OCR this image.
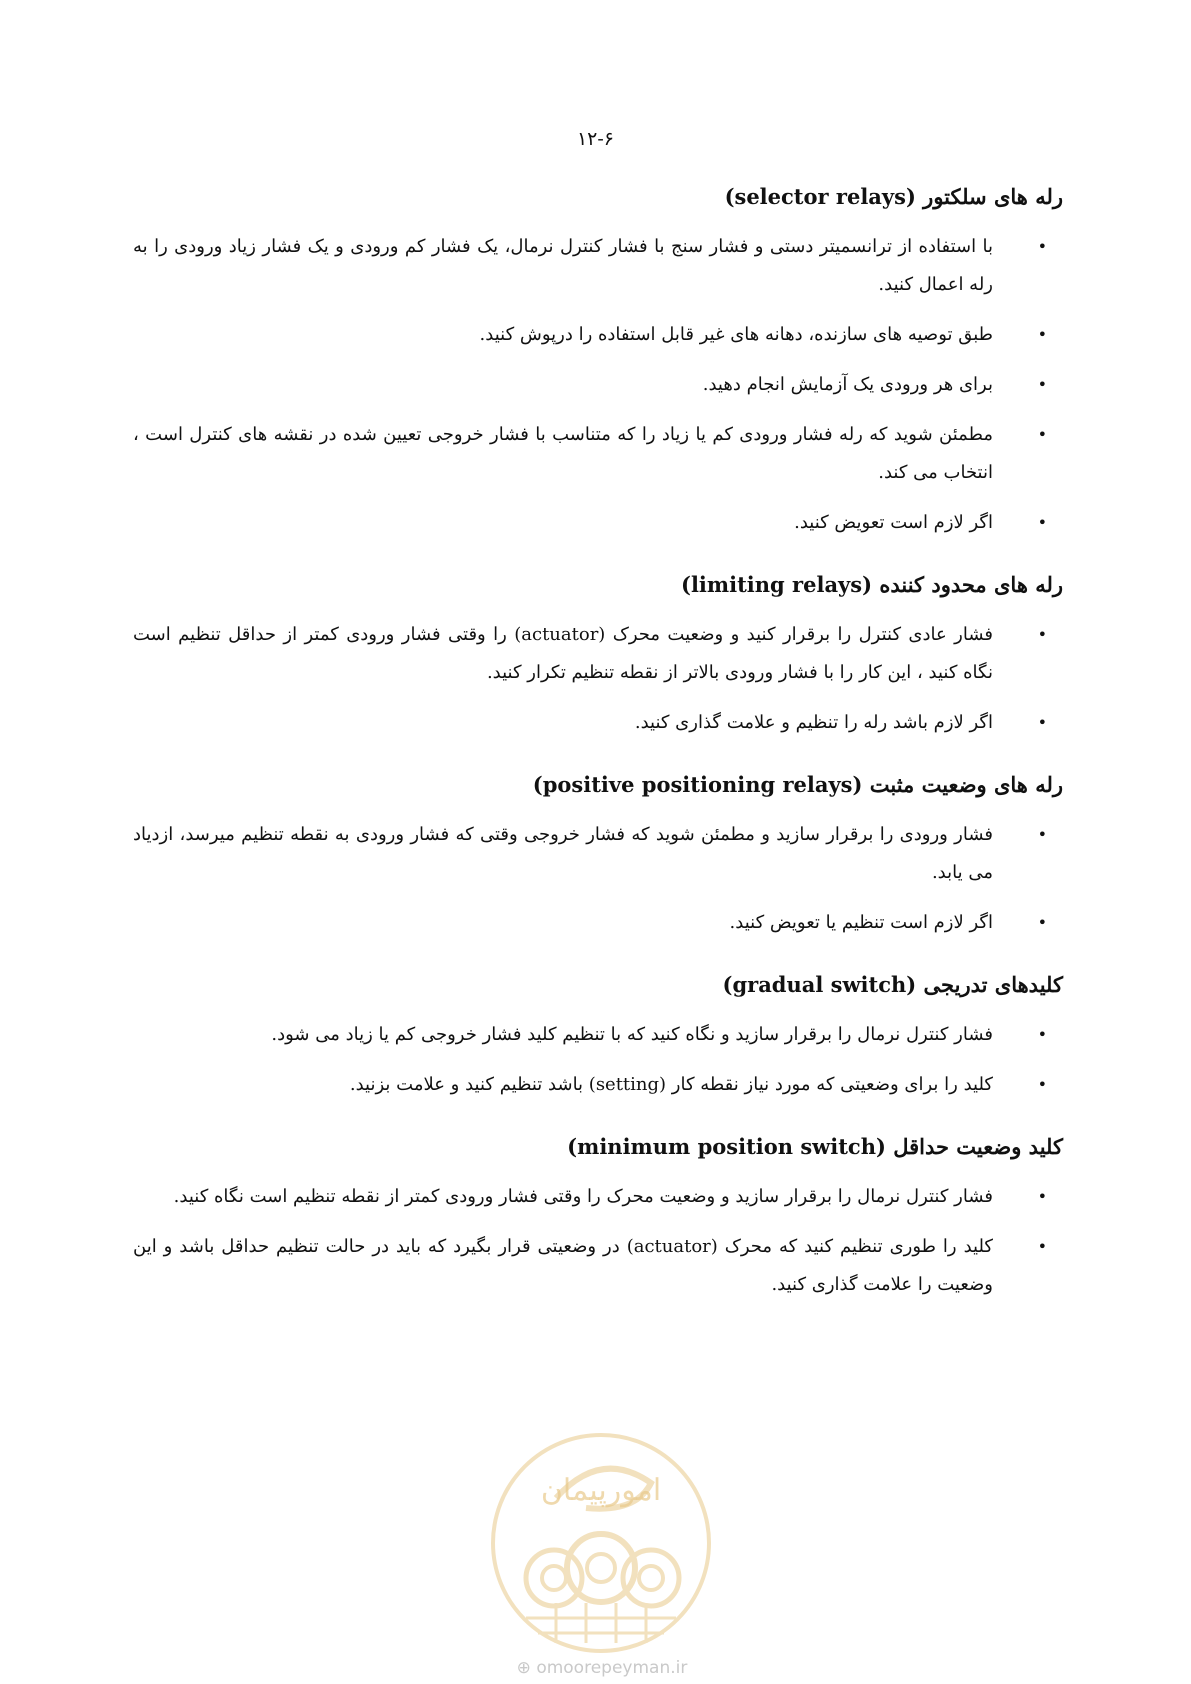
۱۲-۶
رله های سلکتور (selector relays)
•
با استفاده از ترانسمیتر دستی و فشار سنج با فشار کنترل نرمال، یک فشار کم ورودی و یک فشار زیاد ورودی را به رله اعمال کنید.
•
طبق توصیه های سازنده، دهانه های غیر قابل استفاده را درپوش کنید.
•
برای هر ورودی یک آزمایش انجام دهید.
•
مطمئن شوید که رله فشار ورودی کم یا زیاد را که متناسب با فشار خروجی تعیین شده در نقشه های کنترل است ، انتخاب می کند.
•
اگر لازم است تعویض کنید.
رله های محدود کننده (limiting relays)
•
فشار عادی کنترل را برقرار کنید و وضعیت محرک (actuator) را وقتی فشار ورودی کمتر از حداقل تنظیم است نگاه کنید ، این کار را با فشار ورودی بالاتر از نقطه تنظیم تکرار کنید.
•
اگر لازم باشد رله را تنظیم و علامت گذاری کنید.
رله های وضعیت مثبت (positive positioning relays)
•
فشار ورودی را برقرار سازید و مطمئن شوید که فشار خروجی وقتی که فشار ورودی به نقطه تنظیم میرسد، ازدیاد می یابد.
•
اگر لازم است تنظیم یا تعویض کنید.
کلیدهای تدریجی (gradual switch)
•
فشار کنترل نرمال را برقرار سازید و نگاه کنید که با تنظیم کلید فشار خروجی کم یا زیاد می شود.
•
کلید را برای وضعیتی که مورد نیاز نقطه کار (setting) باشد تنظیم کنید و علامت بزنید.
کلید وضعیت حداقل (minimum position switch)
•
فشار کنترل نرمال را برقرار سازید و وضعیت محرک را وقتی فشار ورودی کمتر از نقطه تنظیم است نگاه کنید.
•
کلید را طوری تنظیم کنید که محرک (actuator) در وضعیتی قرار بگیرد که باید در حالت تنظیم حداقل باشد و این وضعیت را علامت گذاری کنید.
امورپیمان
⊕ omoorepeyman.ir
